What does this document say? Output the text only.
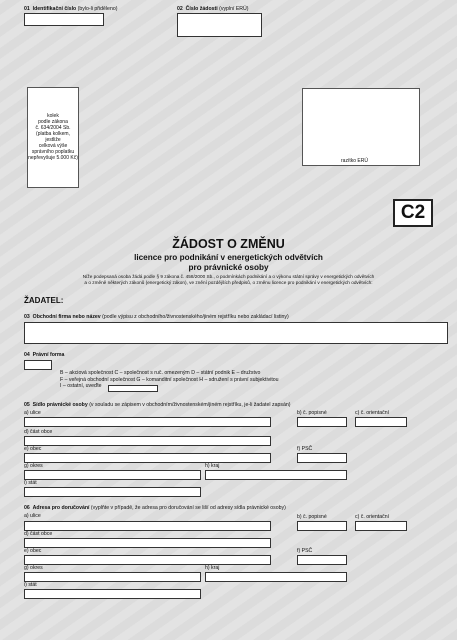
01 Identifikační číslo (bylo-li přiděleno)	02 Číslo žádosti (vyplní ERÚ)
kolek
podle zákona
č. 634/2004 Sb.
(platba kolkem, jestliže
celková výše
správního poplatku
nepřevyšuje 5.000 Kč)	razítko ERÚ
C2
ŽÁDOST O ZMĚNU
licence pro podnikání v energetických odvětvích
pro právnické osoby
Níže podepsaná osoba žádá podle § 9 zákona č. 458/2000 Sb., o podmínkách podnikání a o výkonu státní správy v energetických odvětvích
a o změně některých zákonů (energetický zákon), ve znění pozdějších předpisů, o změnu licence pro podnikání v energetických odvětvích:
ŽADATEL:
03 Obchodní firma nebo název (podle výpisu z obchodního/živnostenského/jiném rejstříku nebo zakládací listiny)
04 Právní forma
B – akciová společnost C – společnost s ruč. omezeným D – státní podnik E – družstvo
F – veřejná obchodní společnost G – komanditní společnost H – sdružení s právní subjektivitou
I – ostatní, uveďte
05 Sídlo právnické osoby (v souladu se zápisem v obchodním/živnostenském/jiném rejstříku, je-li žadatel zapsán)
a) ulice	b) č. popisné	c) č. orientační
d) část obce
e) obec	f) PSČ
g) okres	h) kraj
i) stát
06 Adresa pro doručování (vyplňte v případě, že adresa pro doručování se liší od adresy sídla právnické osoby)
a) ulice	b) č. popisné	c) č. orientační
d) část obce
e) obec	f) PSČ
g) okres	h) kraj
i) stát
